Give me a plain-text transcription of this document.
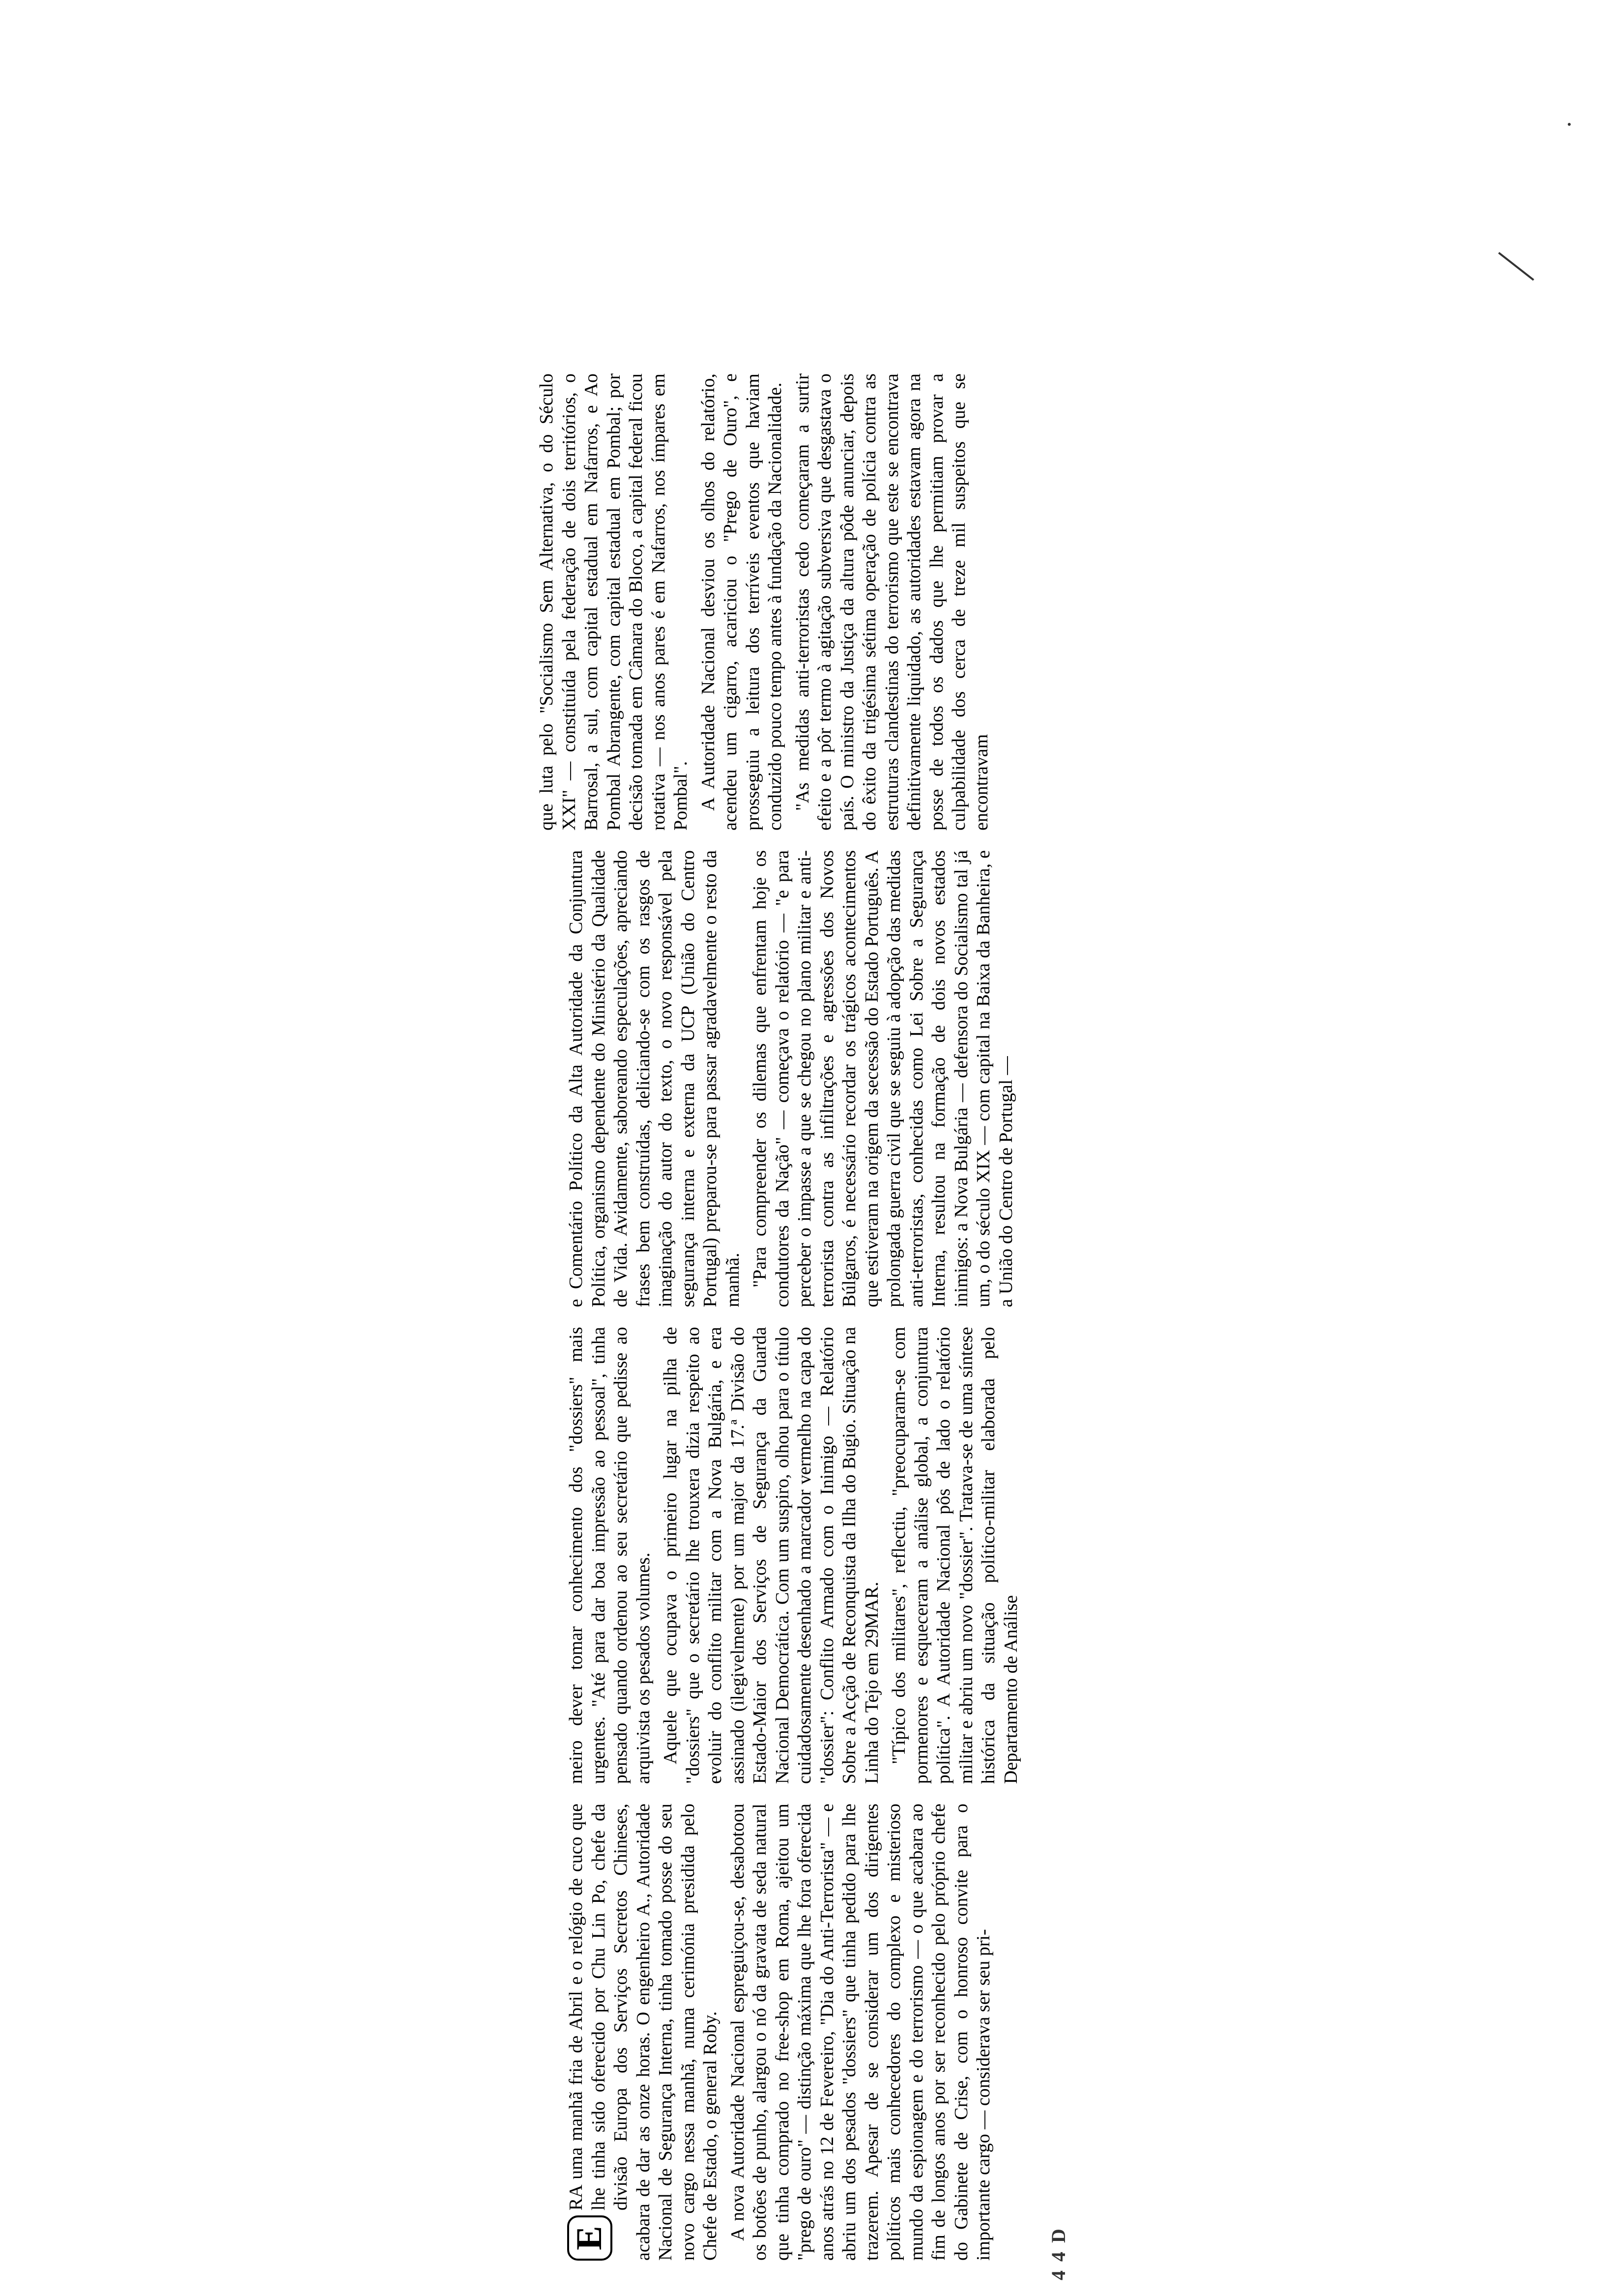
E
RA uma manhã fria de Abril e o relógio de cuco que lhe tinha sido oferecido por Chu Lin Po, chefe da divisão Europa dos Serviços Secretos Chineses, acabara de dar as onze horas. O engenheiro A., Autoridade Nacional de Segurança Interna, tinha tomado posse do seu novo cargo nessa manhã, numa cerimónia presidida pelo Chefe de Estado, o general Roby. A nova Autoridade Nacional espreguiçou-se, desabotoou os botões de punho, alargou o nó da gravata de seda natural que tinha comprado no free-shop em Roma, ajeitou um "prego de ouro" — distinção máxima que lhe fora oferecida anos atrás no 12 de Fevereiro, "Dia do Anti-Terrorista" — e abriu um dos pesados "dossiers" que tinha pedido para lhe trazerem. Apesar de se considerar um dos dirigentes políticos mais conhecedores do complexo e misterioso mundo da espionagem e do terrorismo — o que acabara ao fim de longos anos por ser reconhecido pelo próprio chefe do Gabinete de Crise, com o honroso convite para o importante cargo — considerava ser seu pri-

meiro dever tomar conhecimento dos "dossiers" mais urgentes. "Até para dar boa impressão ao pessoal", tinha pensado quando ordenou ao seu secretário que pedisse ao arquivista os pesados volumes. Aquele que ocupava o primeiro lugar na pilha de "dossiers" que o secretário lhe trouxera dizia respeito ao evoluir do conflito militar com a Nova Bulgária, e era assinado (ilegivelmente) por um major da 17.ª Divisão do Estado-Maior dos Serviços de Segurança da Guarda Nacional Democrática. Com um suspiro, olhou para o título cuidadosamente desenhado a marcador vermelho na capa do "dossier": Conflito Armado com o Inimigo — Relatório Sobre a Acção de Reconquista da Ilha do Bugio. Situação na Linha do Tejo em 29MAR. "Típico dos militares", reflectiu, "preocuparam-se com pormenores e esqueceram a análise global, a conjuntura política". A Autoridade Nacional pôs de lado o relatório militar e abriu um novo "dossier". Tratava-se de uma síntese histórica da situação político-militar elaborada pelo Departamento de Análise

e Comentário Político da Alta Autoridade da Conjuntura Política, organismo dependente do Ministério da Qualidade de Vida. Avidamente, saboreando especulações, apreciando frases bem construídas, deliciando-se com os rasgos de imaginação do autor do texto, o novo responsável pela segurança interna e externa da UCP (União do Centro Portugal) preparou-se para passar agradavelmente o resto da manhã. "Para compreender os dilemas que enfrentam hoje os condutores da Nação" — começava o relatório — "e para perceber o impasse a que se chegou no plano militar e anti-terrorista contra as infiltrações e agressões dos Novos Búlgaros, é necessário recordar os trágicos acontecimentos que estiveram na origem da secessão do Estado Português. A prolongada guerra civil que se seguiu à adopção das medidas anti-terroristas, conhecidas como Lei Sobre a Segurança Interna, resultou na formação de dois novos estados inimigos: a Nova Bulgária — defensora do Socialismo tal já um, o do século XIX — com capital na Baixa da Banheira, e a União do Centro de Portugal —

que luta pelo "Socialismo Sem Alternativa, o do Século XXI" — constituída pela federação de dois territórios, o Barrosal, a sul, com capital estadual em Nafarros, e Ao Pombal Abrangente, com capital estadual em Pombal; por decisão tomada em Câmara do Bloco, a capital federal ficou rotativa — nos anos pares é em Nafarros, nos ímpares em Pombal". A Autoridade Nacional desviou os olhos do relatório, acendeu um cigarro, acariciou o "Prego de Ouro", e prosseguiu a leitura dos terríveis eventos que haviam conduzido pouco tempo antes à fundação da Nacionalidade. "As medidas anti-terroristas cedo começaram a surtir efeito e a pôr termo à agitação subversiva que desgastava o país. O ministro da Justiça da altura pôde anunciar, depois do êxito da trigésima sétima operação de polícia contra as estruturas clandestinas do terrorismo que este se encontrava definitivamente liquidado, as autoridades estavam agora na posse de todos os dados que lhe permitiam provar a culpabilidade dos cerca de treze mil suspeitos que se encontravam

4 4 D
